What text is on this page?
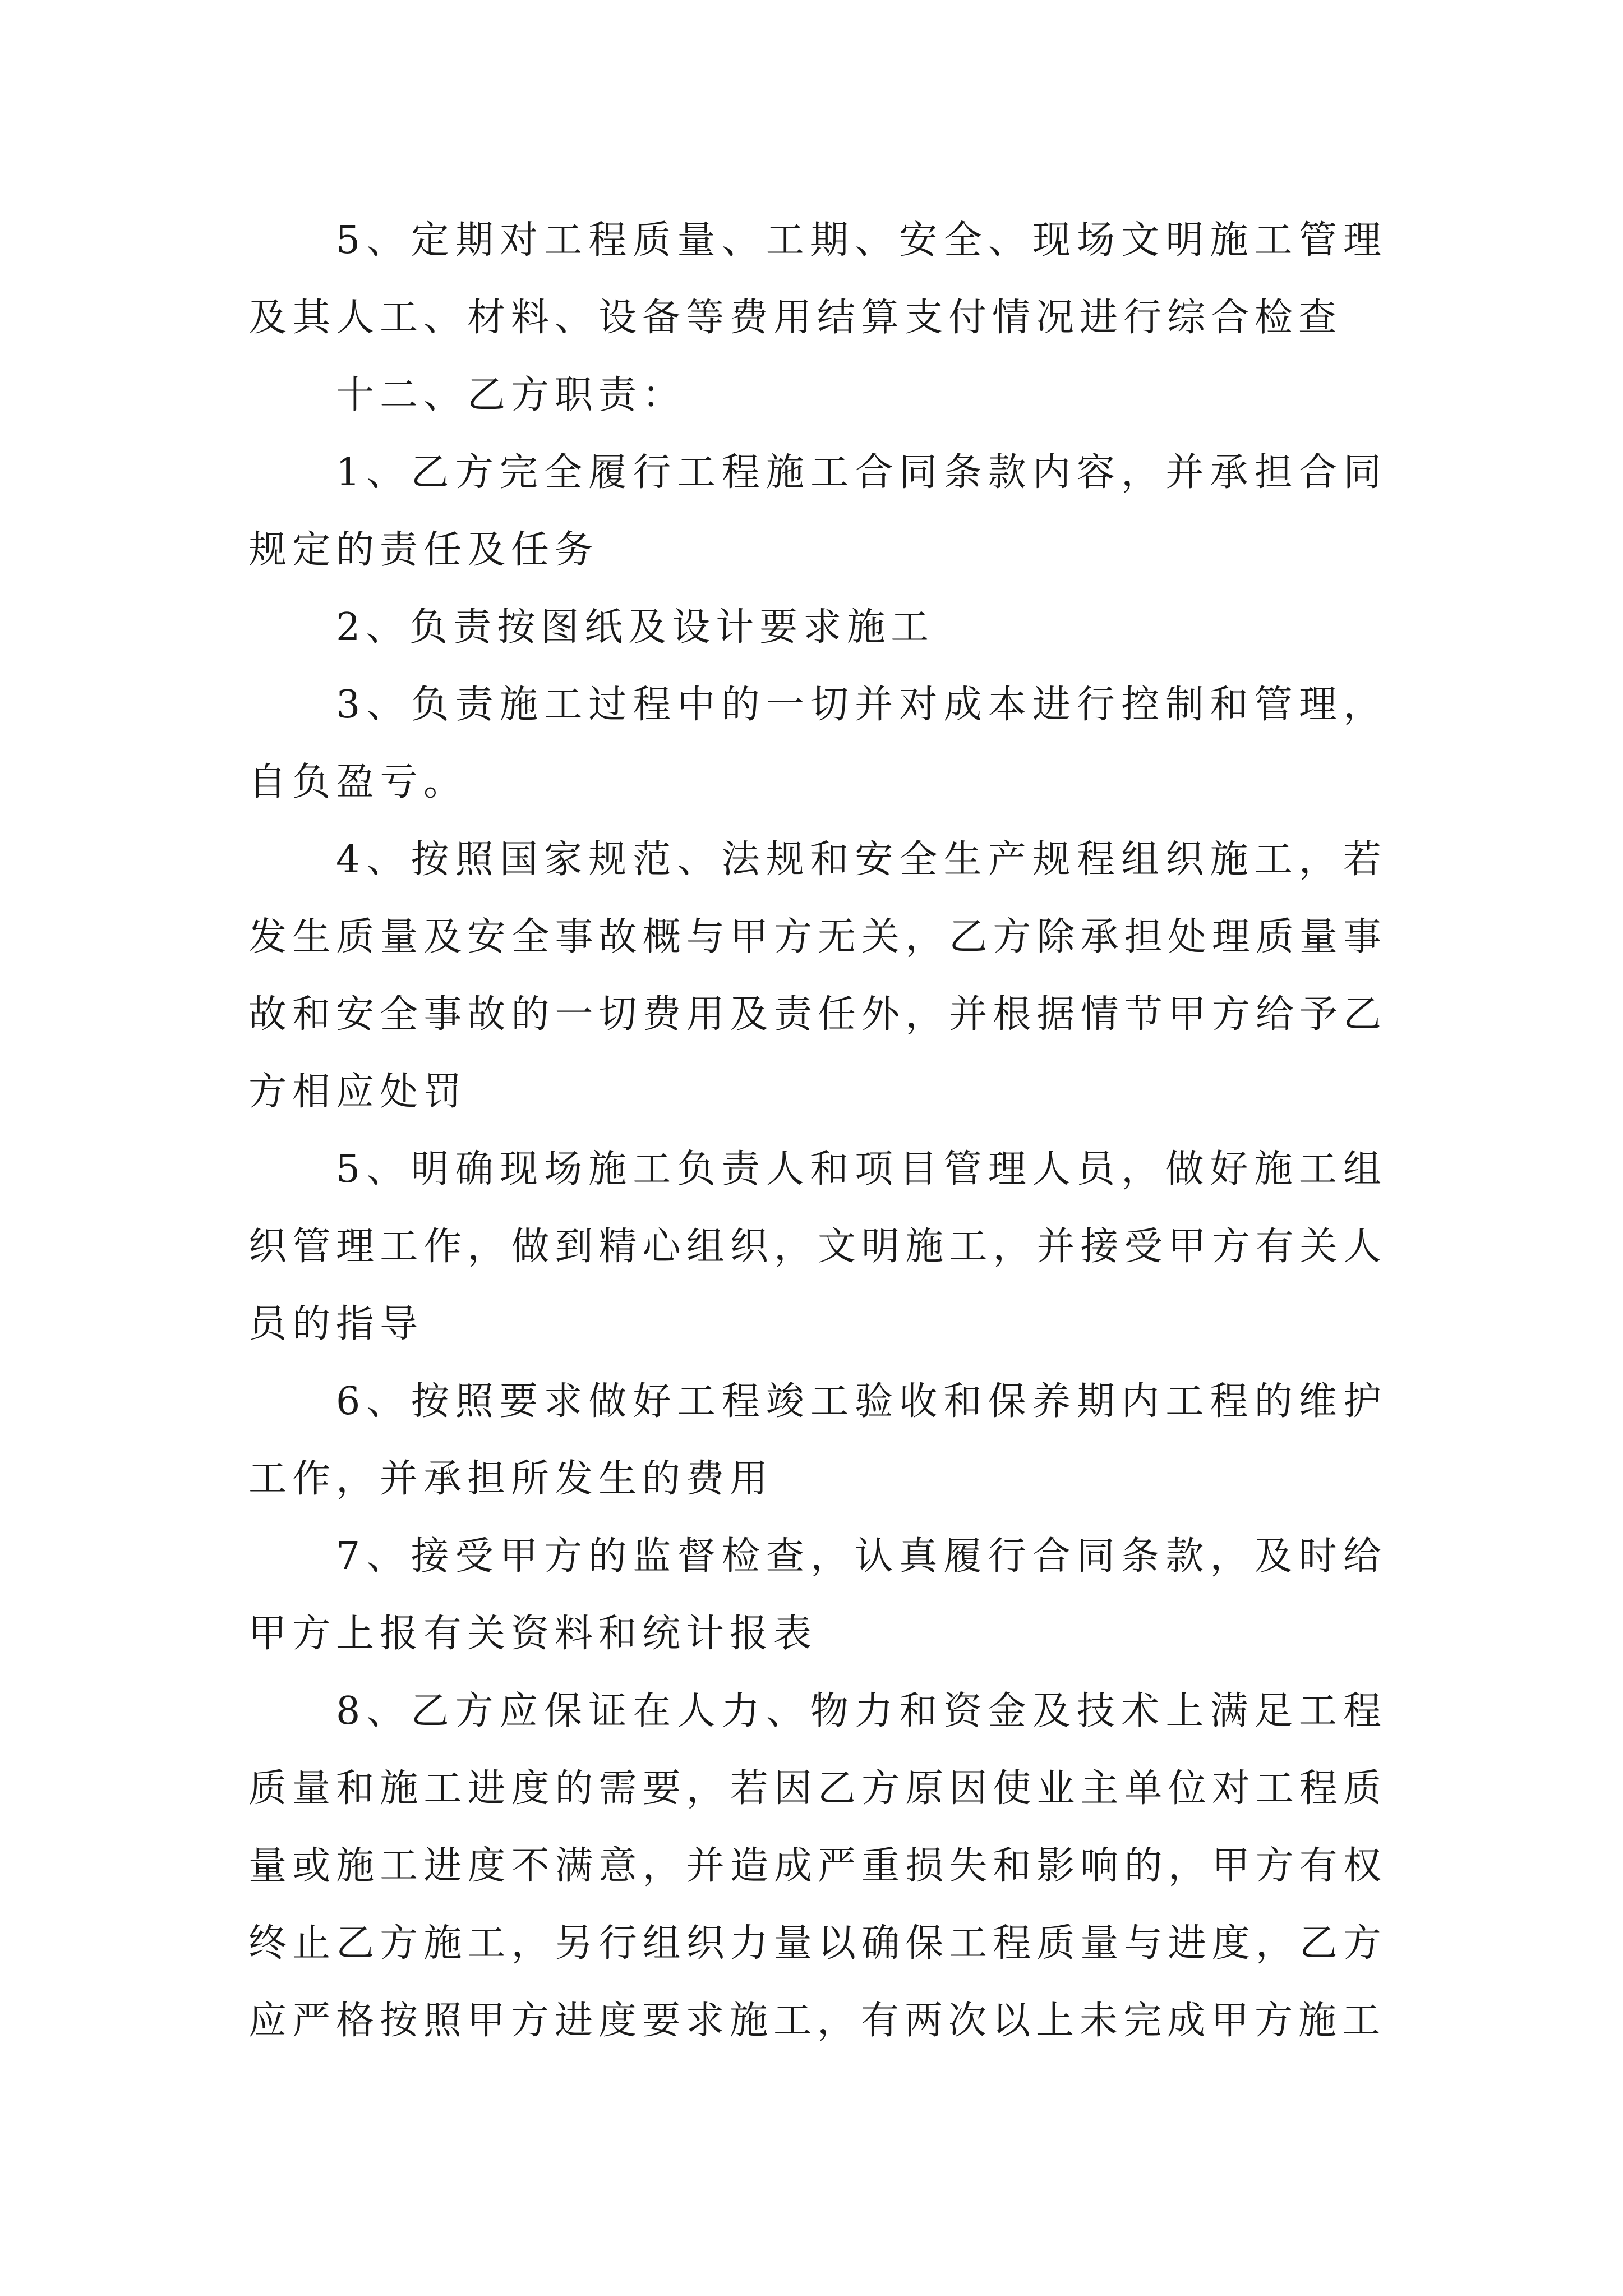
5、定期对工程质量、工期、安全、现场文明施工管理及其人工、材料、设备等费用结算支付情况进行综合检查

十二、乙方职责：

1、乙方完全履行工程施工合同条款内容，并承担合同规定的责任及任务

2、负责按图纸及设计要求施工

3、负责施工过程中的一切并对成本进行控制和管理，自负盈亏。

4、按照国家规范、法规和安全生产规程组织施工，若发生质量及安全事故概与甲方无关，乙方除承担处理质量事故和安全事故的一切费用及责任外，并根据情节甲方给予乙方相应处罚

5、明确现场施工负责人和项目管理人员，做好施工组织管理工作，做到精心组织，文明施工，并接受甲方有关人员的指导

6、按照要求做好工程竣工验收和保养期内工程的维护工作，并承担所发生的费用

7、接受甲方的监督检查，认真履行合同条款，及时给甲方上报有关资料和统计报表

8、乙方应保证在人力、物力和资金及技术上满足工程质量和施工进度的需要，若因乙方原因使业主单位对工程质量或施工进度不满意，并造成严重损失和影响的，甲方有权终止乙方施工，另行组织力量以确保工程质量与进度，乙方应严格按照甲方进度要求施工，有两次以上未完成甲方施工
